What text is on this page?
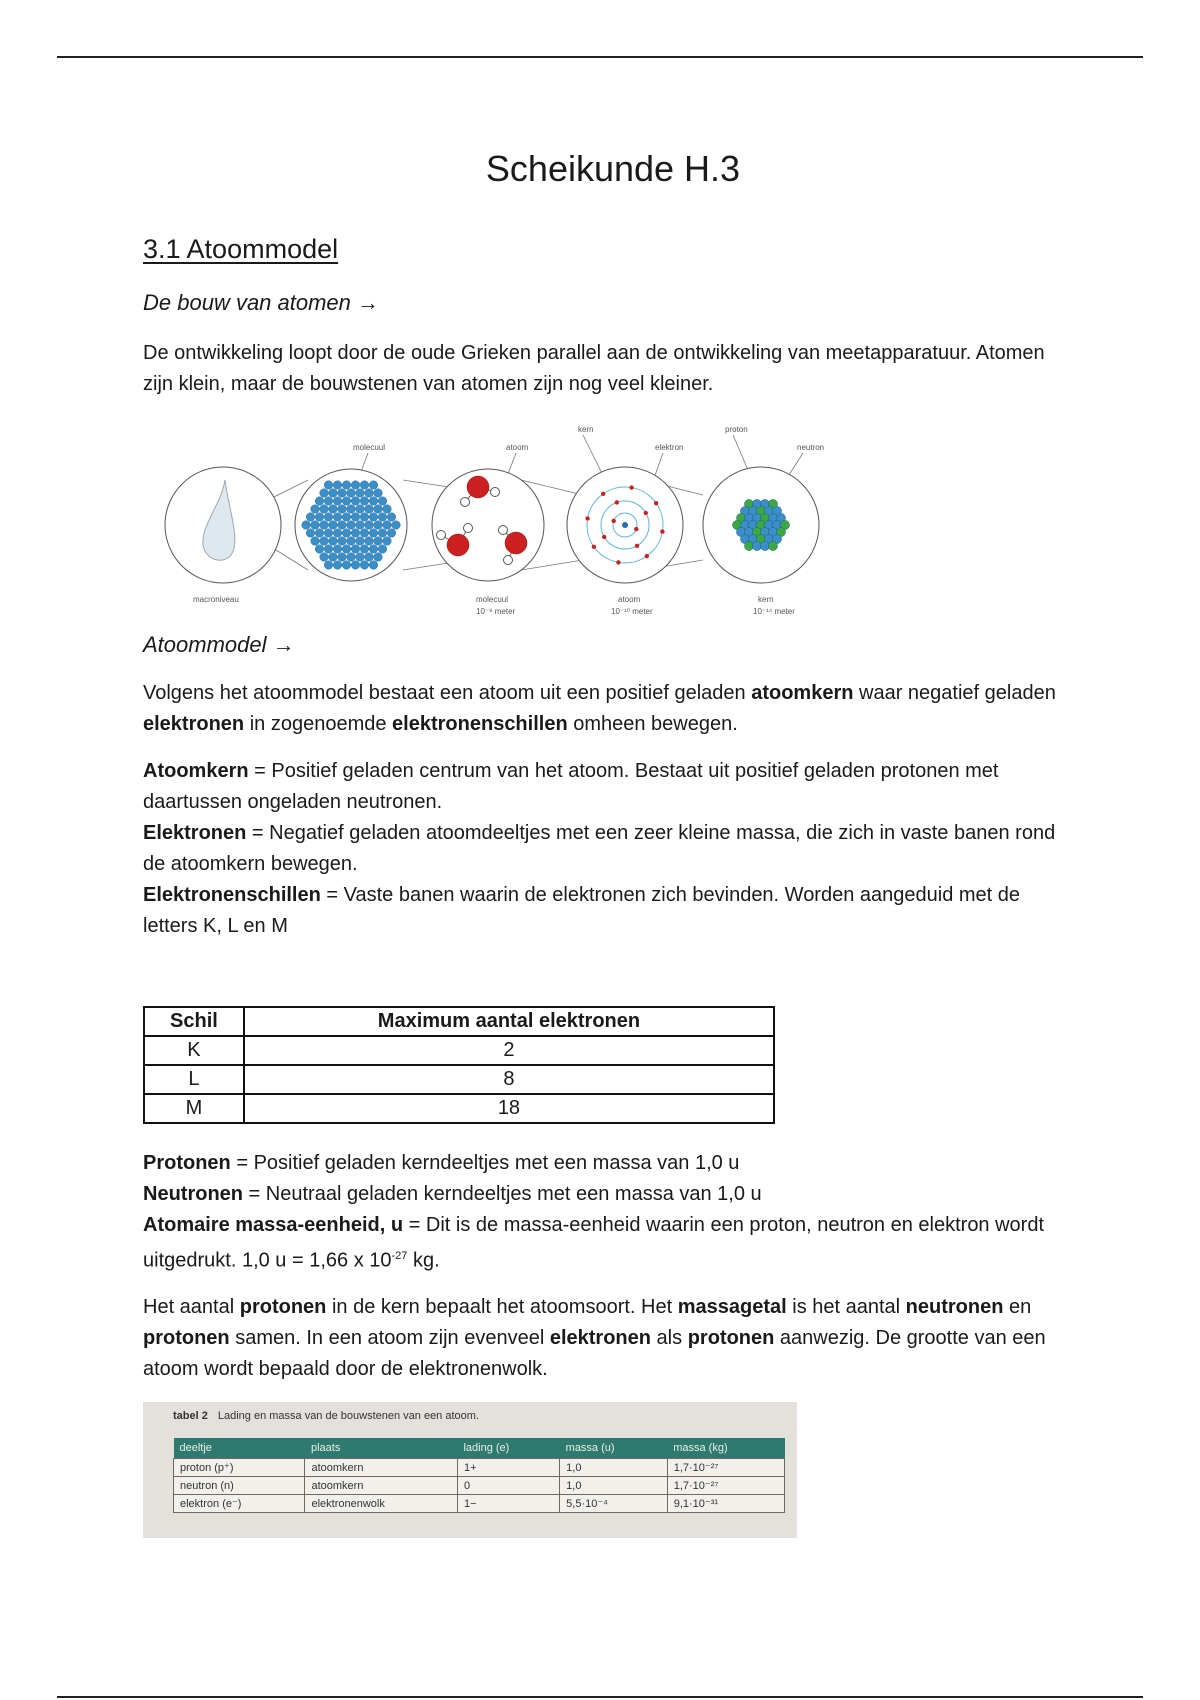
Scheikunde H.3
3.1 Atoommodel
De bouw van atomen →
De ontwikkeling loopt door de oude Grieken parallel aan de ontwikkeling van meetapparatuur. Atomen zijn klein, maar de bouwstenen van atomen zijn nog veel kleiner.
molecuul	atoom
kern
elektron
proton
neutron
macroniveau	molecuul
10⁻⁹ meter
atoom
10⁻¹⁰ meter
kern
10⁻¹⁴ meter
Atoommodel →
Volgens het atoommodel bestaat een atoom uit een positief geladen atoomkern waar negatief geladen elektronen in zogenoemde elektronenschillen omheen bewegen.
Atoomkern = Positief geladen centrum van het atoom. Bestaat uit positief geladen protonen met daartussen ongeladen neutronen.
Elektronen = Negatief geladen atoomdeeltjes met een zeer kleine massa, die zich in vaste banen rond de atoomkern bewegen.
Elektronenschillen = Vaste banen waarin de elektronen zich bevinden. Worden aangeduid met de letters K, L en M
Schil	Maximum aantal elektronen
K	2
L	8
M	18
Protonen = Positief geladen kerndeeltjes met een massa van 1,0 u
Neutronen = Neutraal geladen kerndeeltjes met een massa van 1,0 u
Atomaire massa-eenheid, u = Dit is de massa-eenheid waarin een proton, neutron en elektron wordt uitgedrukt. 1,0 u = 1,66 x $10^{-27}$ kg.
Het aantal protonen in de kern bepaalt het atoomsoort. Het massagetal is het aantal neutronen en protonen samen. In een atoom zijn evenveel elektronen als protonen aanwezig. De grootte van een atoom wordt bepaald door de elektronenwolk.
tabel 2 Lading en massa van de bouwstenen van een atoom.
deeltje	plaats	lading (e)	massa (u)	massa (kg)
proton (p⁺)	atoomkern	1+	1,0	1,7·10⁻²⁷
neutron (n)	atoomkern	0	1,0	1,7·10⁻²⁷
elektron (e⁻)	elektronenwolk	1−	5,5·10⁻⁴	9,1·10⁻³¹
